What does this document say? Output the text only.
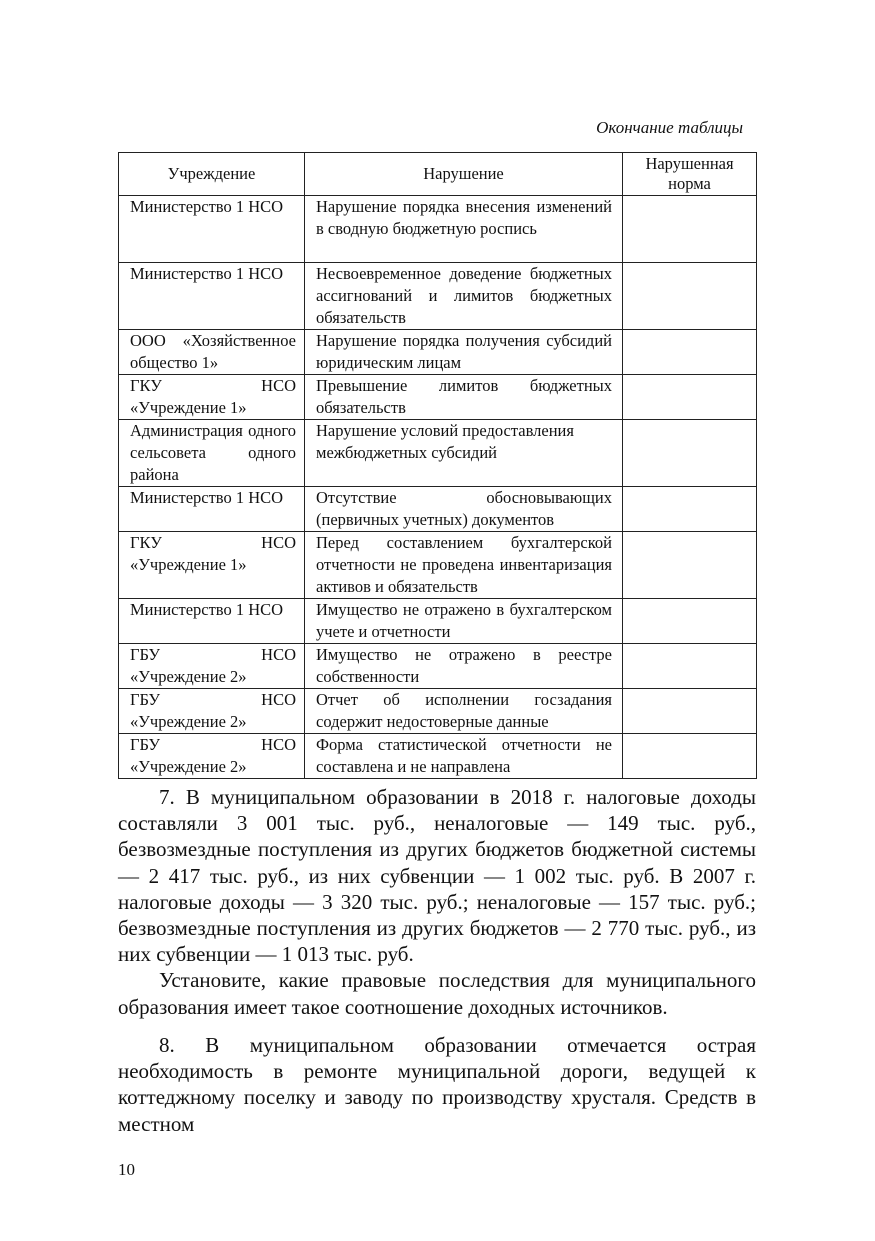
Окончание таблицы
Учреждение	Нарушение	Нарушенная норма
Министерство 1 НСО	Нарушение порядка внесения изменений в сводную бюджетную роспись	
Министерство 1 НСО	Несвоевременное доведение бюджетных ассигнований и лимитов бюджетных обязательств	
ООО «Хозяйственное общество 1»	Нарушение порядка получения субсидий юридическим лицам	
ГКУ НСО «Учреждение 1»	Превышение лимитов бюджетных обязательств	
Администрация одного сельсовета одного района	Нарушение условий предоставления межбюджетных субсидий	
Министерство 1 НСО	Отсутствие обосновывающих (первичных учетных) документов	
ГКУ НСО «Учреждение 1»	Перед составлением бухгалтерской отчетности не проведена инвентаризация активов и обязательств	
Министерство 1 НСО	Имущество не отражено в бухгалтерском учете и отчетности	
ГБУ НСО «Учреждение 2»	Имущество не отражено в реестре собственности	
ГБУ НСО «Учреждение 2»	Отчет об исполнении госзадания содержит недостоверные данные	
ГБУ НСО «Учреждение 2»	Форма статистической отчетности не составлена и не направлена	

7. В муниципальном образовании в 2018 г. налоговые доходы составляли 3 001 тыс. руб., неналоговые — 149 тыс. руб., безвозмездные поступления из других бюджетов бюджетной системы — 2 417 тыс. руб., из них субвенции — 1 002 тыс. руб. В 2007 г. налоговые доходы — 3 320 тыс. руб.; неналоговые — 157 тыс. руб.; безвозмездные поступления из других бюджетов — 2 770 тыс. руб., из них субвенции — 1 013 тыс. руб.

Установите, какие правовые последствия для муниципального образования имеет такое соотношение доходных источников.

8. В муниципальном образовании отмечается острая необходимость в ремонте муниципальной дороги, ведущей к коттеджному поселку и заводу по производству хрусталя. Средств в местном

10
